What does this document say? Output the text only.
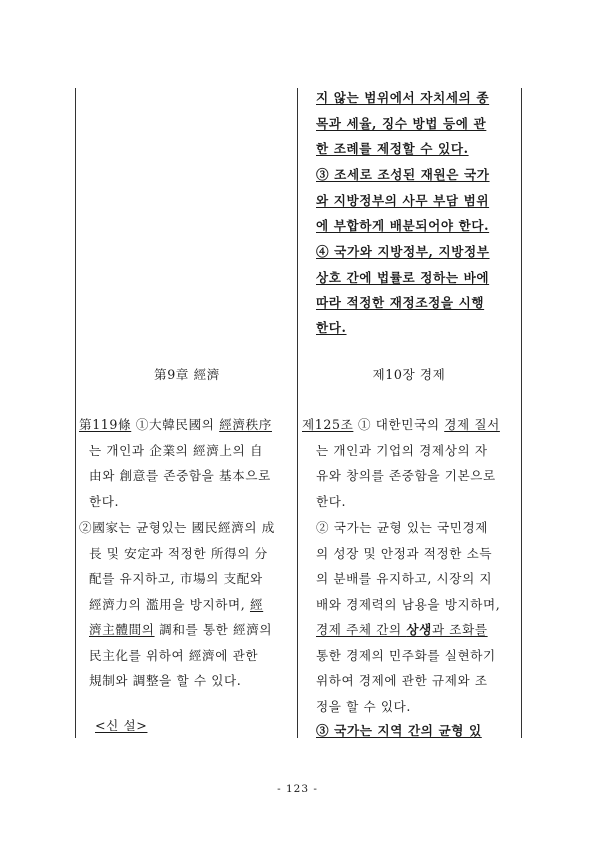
지 않는 범위에서 자치세의 종
목과 세율, 징수 방법 등에 관
한 조례를 제정할 수 있다.
③ 조세로 조성된 재원은 국가
와 지방정부의 사무 부담 범위
에 부합하게 배분되어야 한다.
④ 국가와 지방정부, 지방정부
상호 간에 법률로 정하는 바에
따라 적정한 재정조정을 시행
한다.
第9章 經濟	제10장 경제
第119條 ①大韓民國의 經濟秩序
는 개인과 企業의 經濟上의 自
由와 創意를 존중함을 基本으로
한다.
②國家는 균형있는 國民經濟의 成
長 및 安定과 적정한 所得의 分
配를 유지하고, 市場의 支配와
經濟力의 濫用을 방지하며, 經
濟主體間의 調和를 통한 經濟의
民主化를 위하여 經濟에 관한
規制와 調整을 할 수 있다.
<신 설>
제125조 ① 대한민국의 경제 질서
는 개인과 기업의 경제상의 자
유와 창의를 존중함을 기본으로
한다.
② 국가는 균형 있는 국민경제
의 성장 및 안정과 적정한 소득
의 분배를 유지하고, 시장의 지
배와 경제력의 남용을 방지하며,
경제 주체 간의 상생과 조화를
통한 경제의 민주화를 실현하기
위하여 경제에 관한 규제와 조
정을 할 수 있다.
③ 국가는 지역 간의 균형 있
- 123 -
